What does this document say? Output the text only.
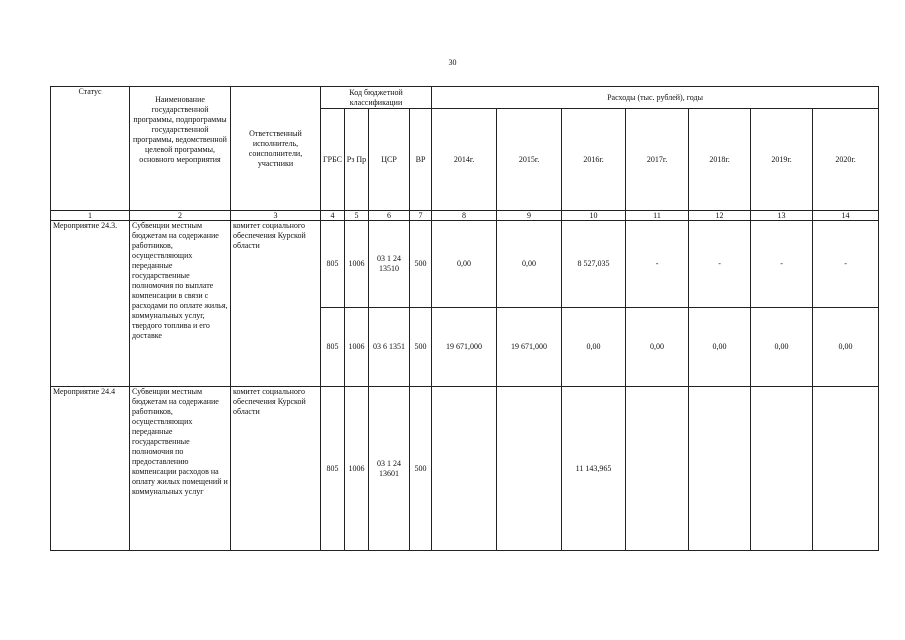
30
Статус	Наименование государственной программы, подпрограммы государственной программы, ведомственной целевой программы, основного мероприятия	Ответственный исполнитель, соисполнители, участники	Код бюджетной классификации				Расходы (тыс. рублей), годы						
			ГРБС	Рз Пр	ЦСР	ВР	2014г.	2015г.	2016г.	2017г.	2018г.	2019г.	2020г.
1	2	3	4	5	6	7	8	9	10	11	12	13	14
Мероприятие 24.3.	Субвенции местным бюджетам на содержание работников, осуществляющих переданные государственные полномочия по выплате компенсации в связи с расходами по оплате жилья, коммунальных услуг, твердого топлива и его доставке	комитет социального обеспечения Курской области	805	1006	03 1 24 13510	500	0,00	0,00	8 527,035	-	-	-	-
			805	1006	03 6 1351	500	19 671,000	19 671,000	0,00	0,00	0,00	0,00	0,00
Мероприятие 24.4	Субвенции местным бюджетам на содержание работников, осуществляющих переданные государственные полномочия по предоставлению компенсации расходов на оплату жилых помещений и коммунальных услуг	комитет социального обеспечения Курской области	805	1006	03 1 24 13601	500			11 143,965				
